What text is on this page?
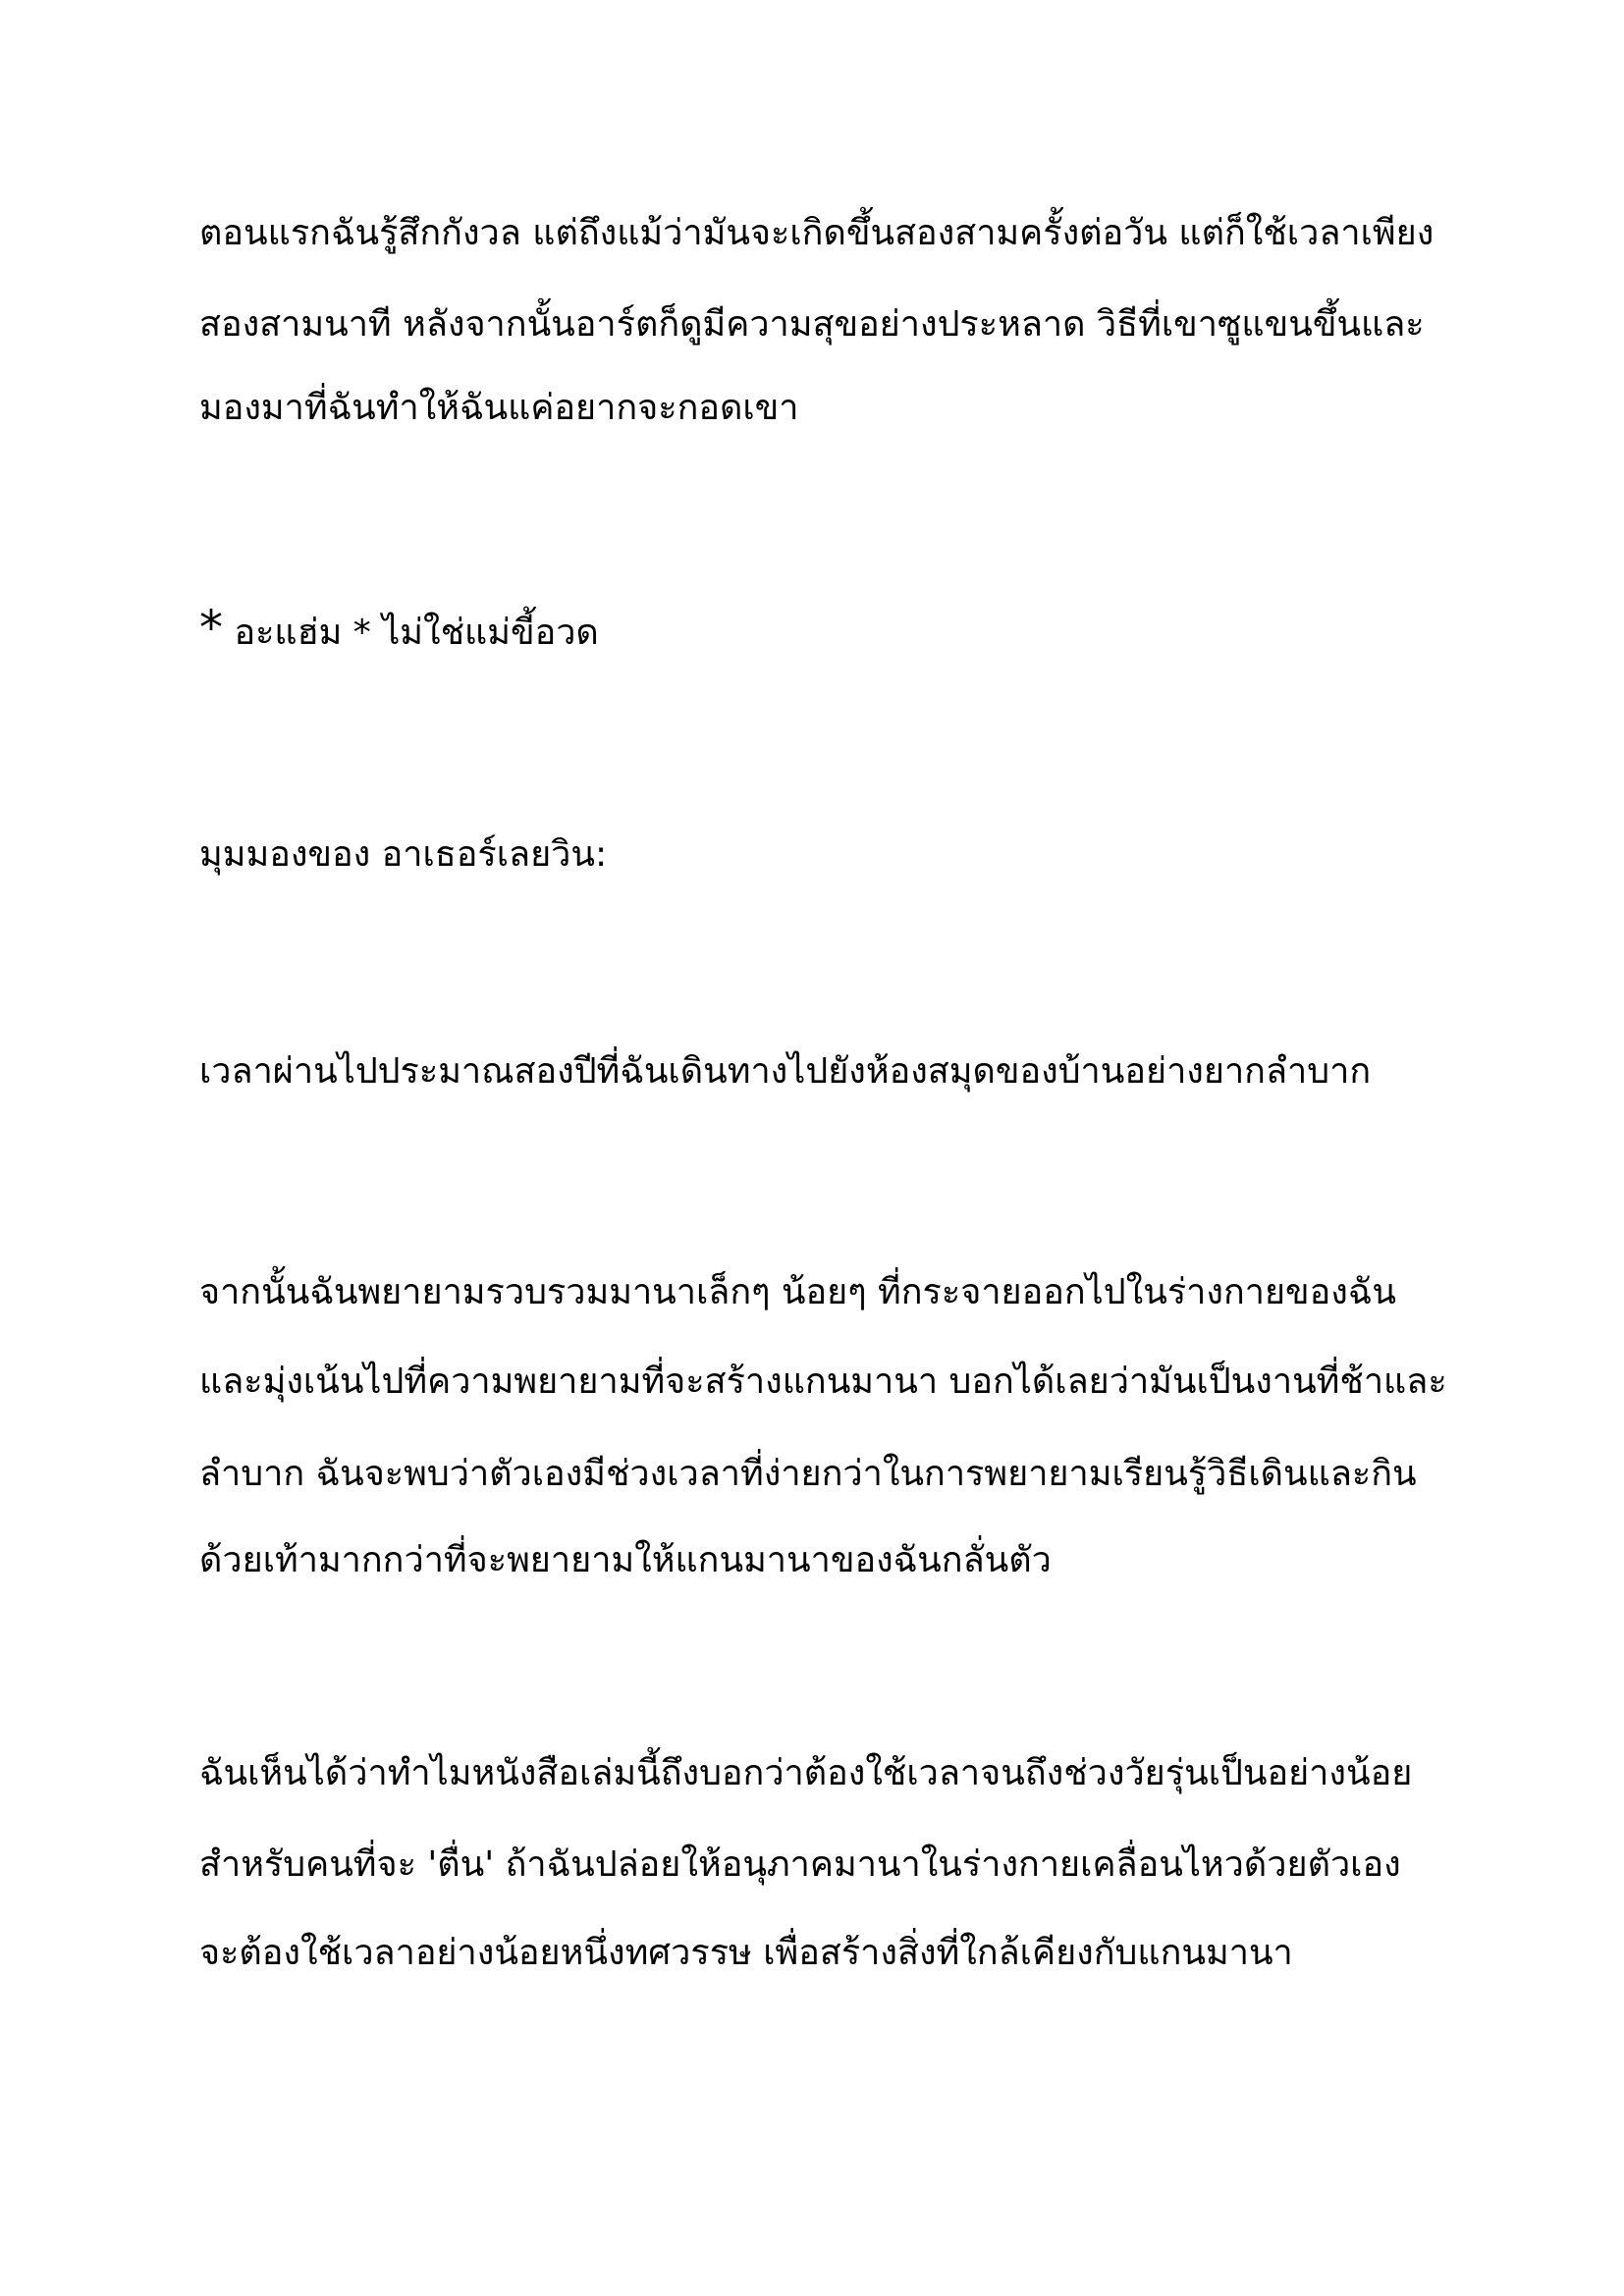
ตอนแรกฉันรู้สึกกังวล แต่ถึงแม้ว่ามันจะเกิดขึ้นสองสามครั้งต่อวัน แต่ก็ใช้เวลาเพียง

สองสามนาที หลังจากนั้นอาร์ตก็ดูมีความสุขอย่างประหลาด วิธีที่เขาซูแขนขึ้นและ

มองมาที่ฉันทำให้ฉันแค่อยากจะกอดเขา

* อะแฮ่ม * ไม่ใช่แม่ขี้อวด

มุมมองของ อาเธอร์เลยวิน:

เวลาผ่านไปประมาณสองปีที่ฉันเดินทางไปยังห้องสมุดของบ้านอย่างยากลำบาก

จากนั้นฉันพยายามรวบรวมมานาเล็กๆ น้อยๆ ที่กระจายออกไปในร่างกายของฉัน

และมุ่งเน้นไปที่ความพยายามที่จะสร้างแกนมานา บอกได้เลยว่ามันเป็นงานที่ช้าและ

ลำบาก ฉันจะพบว่าตัวเองมีช่วงเวลาที่ง่ายกว่าในการพยายามเรียนรู้วิธีเดินและกิน

ด้วยเท้ามากกว่าที่จะพยายามให้แกนมานาของฉันกลั่นตัว

ฉันเห็นได้ว่าทำไมหนังสือเล่มนี้ถึงบอกว่าต้องใช้เวลาจนถึงช่วงวัยรุ่นเป็นอย่างน้อย

สำหรับคนที่จะ 'ตื่น' ถ้าฉันปล่อยให้อนุภาคมานาในร่างกายเคลื่อนไหวด้วยตัวเอง

จะต้องใช้เวลาอย่างน้อยหนึ่งทศวรรษ เพื่อสร้างสิ่งที่ใกล้เคียงกับแกนมานา
